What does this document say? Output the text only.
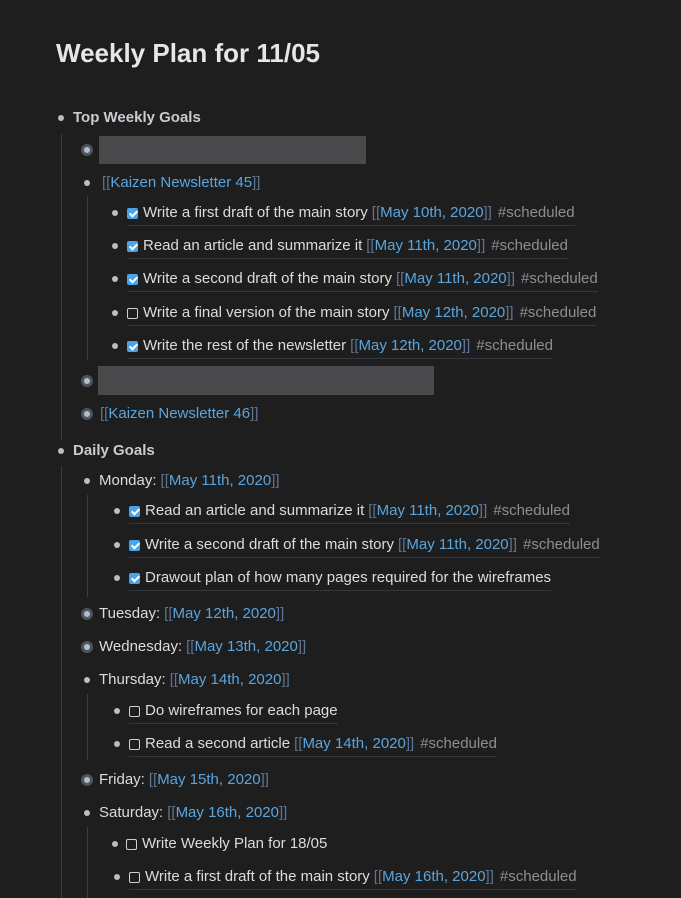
Weekly Plan for 11/05
Top Weekly Goals
[[ Kaizen Newsletter 45 ]]
Write a first draft of the main story [[ May 10th, 2020 ]] #scheduled
Read an article and summarize it [[ May 11th, 2020 ]] #scheduled
Write a second draft of the main story [[ May 11th, 2020 ]] #scheduled
Write a final version of the main story [[ May 12th, 2020 ]] #scheduled
Write the rest of the newsletter [[ May 12th, 2020 ]] #scheduled
[[ Kaizen Newsletter 46 ]]
Daily Goals
Monday: [[ May 11th, 2020 ]]
Read an article and summarize it [[ May 11th, 2020 ]] #scheduled
Write a second draft of the main story [[ May 11th, 2020 ]] #scheduled
Drawout plan of how many pages required for the wireframes
Tuesday: [[ May 12th, 2020 ]]
Wednesday: [[ May 13th, 2020 ]]
Thursday: [[ May 14th, 2020 ]]
Do wireframes for each page
Read a second article [[ May 14th, 2020 ]] #scheduled
Friday: [[ May 15th, 2020 ]]
Saturday: [[ May 16th, 2020 ]]
Write Weekly Plan for 18/05
Write a first draft of the main story [[ May 16th, 2020 ]] #scheduled
